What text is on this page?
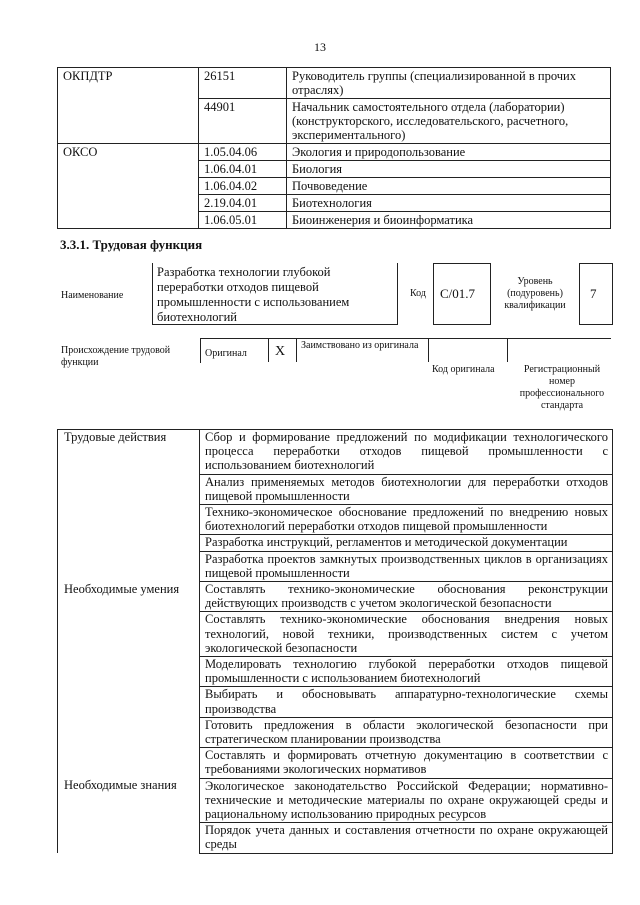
13
ОКПДТР	26151	Руководитель группы (специализированной в прочих отраслях)
	44901	Начальник самостоятельного отдела (лаборатории) (конструкторского, исследовательского, расчетного, экспериментального)
ОКСО	1.05.04.06	Экология и природопользование
	1.06.04.01	Биология
	1.06.04.02	Почвоведение
	2.19.04.01	Биотехнология
	1.06.05.01	Биоинженерия и биоинформатика
3.3.1. Трудовая функция
Наименование
Разработка технологии глубокой переработки отходов пищевой промышленности с использованием биотехнологий
Код С/01.7
Уровень (подуровень) квалификации
7
Происхождение трудовой функции
Оригинал X Заимствовано из оригинала
Код оригинала	Регистрационный номер профессионального стандарта
Трудовые действия	Сбор и формирование предложений по модификации технологического процесса переработки отходов пищевой промышленности с использованием биотехнологий
	Анализ применяемых методов биотехнологии для переработки отходов пищевой промышленности
	Технико-экономическое обоснование предложений по внедрению новых биотехнологий переработки отходов пищевой промышленности
	Разработка инструкций, регламентов и методической документации
	Разработка проектов замкнутых производственных циклов в организациях пищевой промышленности
Необходимые умения	Составлять технико-экономические обоснования реконструкции действующих производств с учетом экологической безопасности
	Составлять технико-экономические обоснования внедрения новых технологий, новой техники, производственных систем с учетом экологической безопасности
	Моделировать технологию глубокой переработки отходов пищевой промышленности с использованием биотехнологий
	Выбирать и обосновывать аппаратурно-технологические схемы производства
	Готовить предложения в области экологической безопасности при стратегическом планировании производства
	Составлять и формировать отчетную документацию в соответствии с требованиями экологических нормативов
Необходимые знания	Экологическое законодательство Российской Федерации; нормативно-технические и методические материалы по охране окружающей среды и рациональному использованию природных ресурсов
	Порядок учета данных и составления отчетности по охране окружающей среды
